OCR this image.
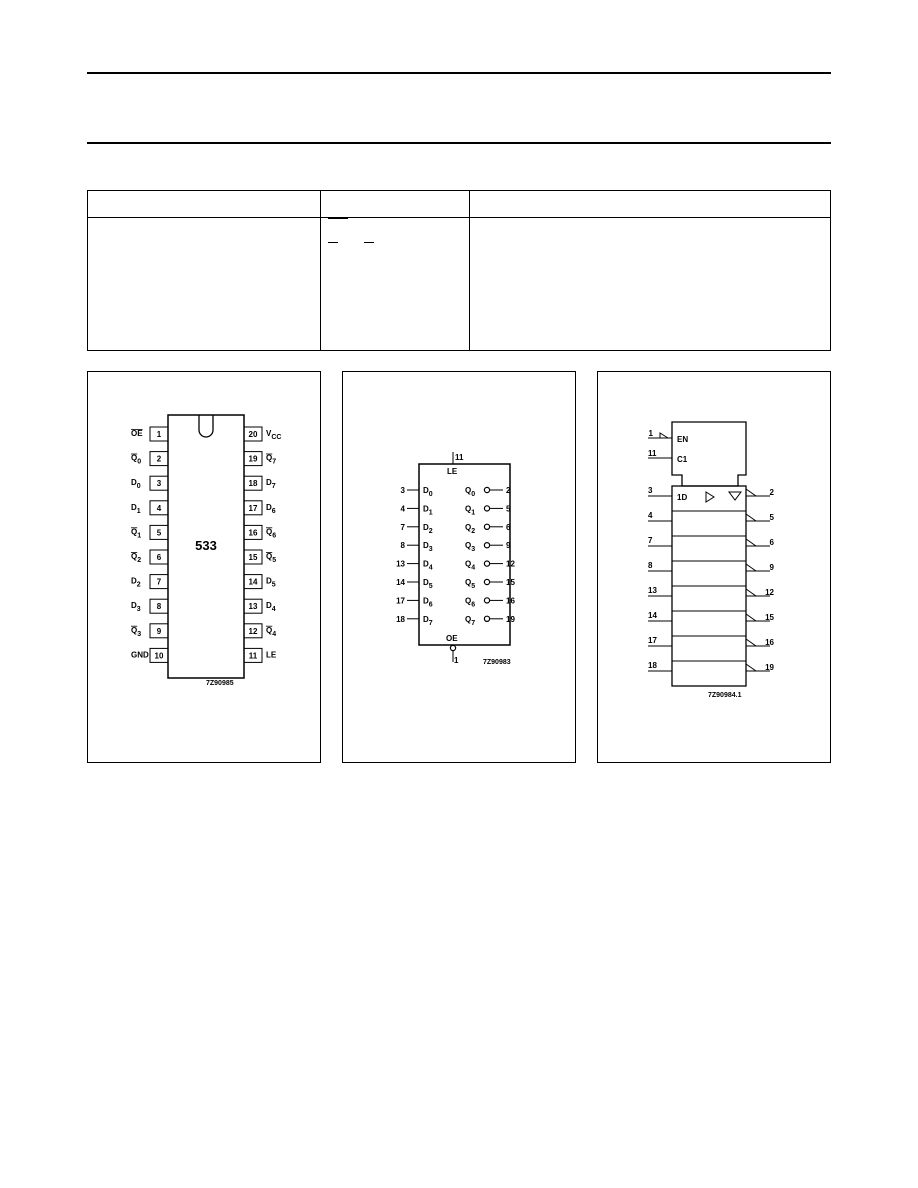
533
1
OE
2
Q0
3
D0
4
D1
5
Q1
6
Q2
7
D2
8
D3
9
Q3
10
GND
20 VCC
19 Q7
18 D7
17 D6
16 Q6
15 Q5
14 D5
13 D4
12 Q4
11 LE
7Z90985
11
LE
3 D0
4 D1
7 D2
8 D3
13 D4
14 D5
17 D6
18 D7
2
Q0
5
Q1
6
Q2
9
Q3
12
Q4
15
Q5
16
Q6
19
Q7
OE
1	7Z90983
1
EN
11
C1
1D
3
4
7
8
13
14
17
18
2
5
6
9
12
15
16
19
7Z90984.1
